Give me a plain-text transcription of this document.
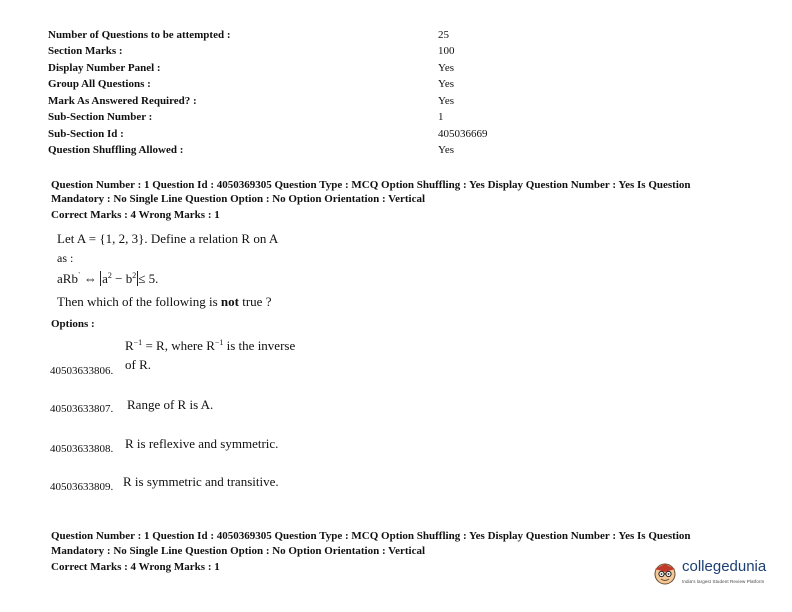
Number of Questions to be attempted :	25
Section Marks :	100
Display Number Panel :	Yes
Group All Questions :	Yes
Mark As Answered Required? :	Yes
Sub-Section Number :	1
Sub-Section Id :	405036669
Question Shuffling Allowed :	Yes
Question Number : 1 Question Id : 4050369305 Question Type : MCQ Option Shuffling : Yes Display Question Number : Yes Is Question
Mandatory : No Single Line Question Option : No Option Orientation : Vertical
Correct Marks : 4 Wrong Marks : 1
Let A = {1, 2, 3}. Define a relation R on A
as :
aRb` ⇔ $a^2 - b^2 \le 5$.
Then which of the following is not true ?
Options :
$R^{-1} = R$, where $R^{-1}$ is the inverse
40503633806. of R.
40503633807. Range of R is A.
40503633808. R is reflexive and symmetric.
40503633809. R is symmetric and transitive.
Question Number : 1 Question Id : 4050369305 Question Type : MCQ Option Shuffling : Yes Display Question Number : Yes Is Question
Mandatory : No Single Line Question Option : No Option Orientation : Vertical
Correct Marks : 4 Wrong Marks : 1	collegedunia
India's largest Student Review Platform
